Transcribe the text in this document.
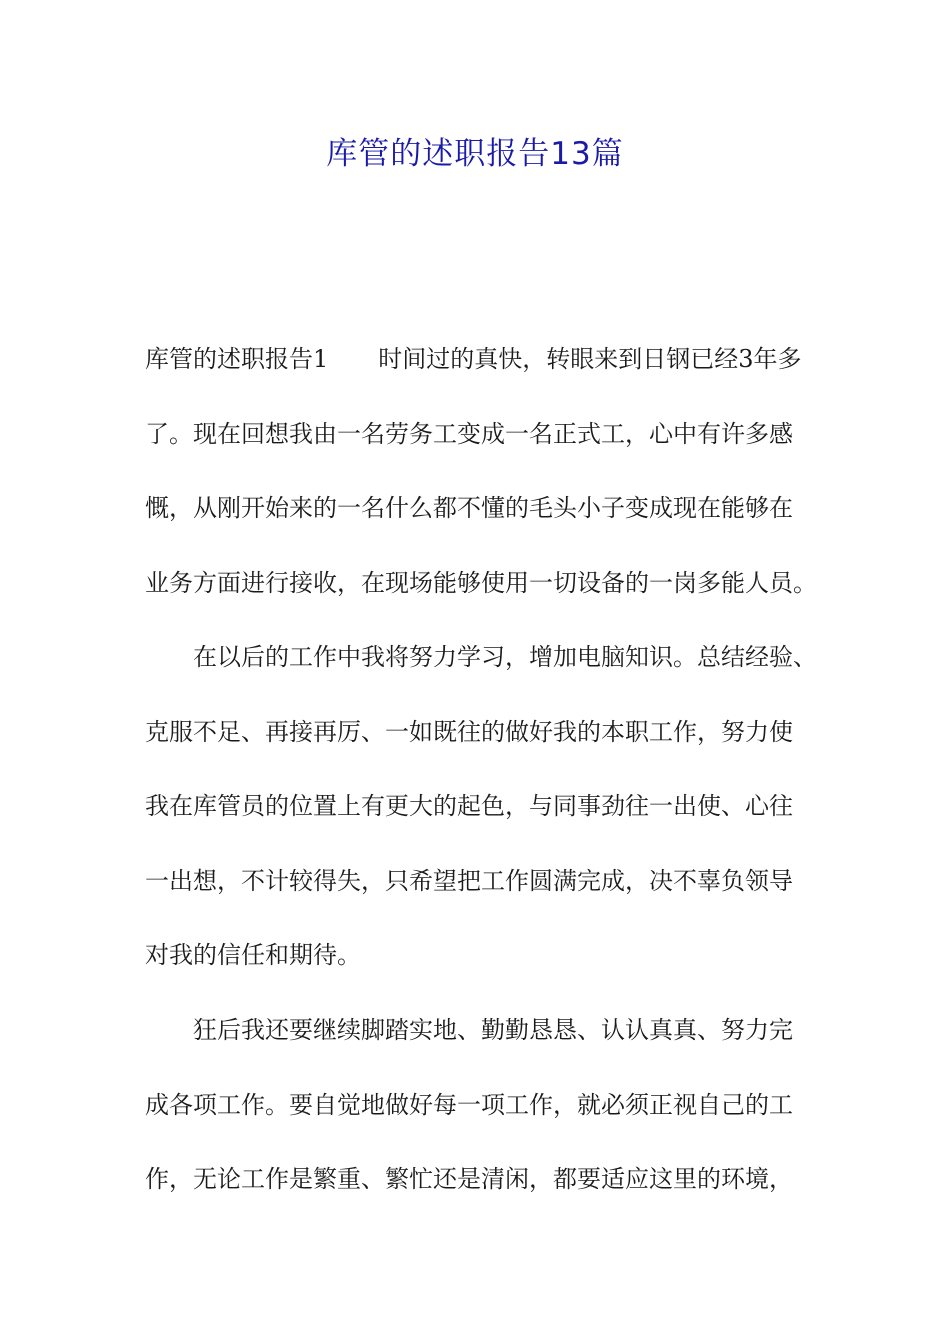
库管的述职报告13篇
库管的述职报告1 时间过的真快，转眼来到日钢已经3年多
了。现在回想我由一名劳务工变成一名正式工，心中有许多感
慨，从刚开始来的一名什么都不懂的毛头小子变成现在能够在
业务方面进行接收，在现场能够使用一切设备的一岗多能人员。
在以后的工作中我将努力学习，增加电脑知识。总结经验、
克服不足、再接再厉、一如既往的做好我的本职工作，努力使
我在库管员的位置上有更大的起色，与同事劲往一出使、心往
一出想，不计较得失，只希望把工作圆满完成，决不辜负领导
对我的信任和期待。
狂后我还要继续脚踏实地、勤勤恳恳、认认真真、努力完
成各项工作。要自觉地做好每一项工作，就必须正视自己的工
作，无论工作是繁重、繁忙还是清闲，都要适应这里的环境，
